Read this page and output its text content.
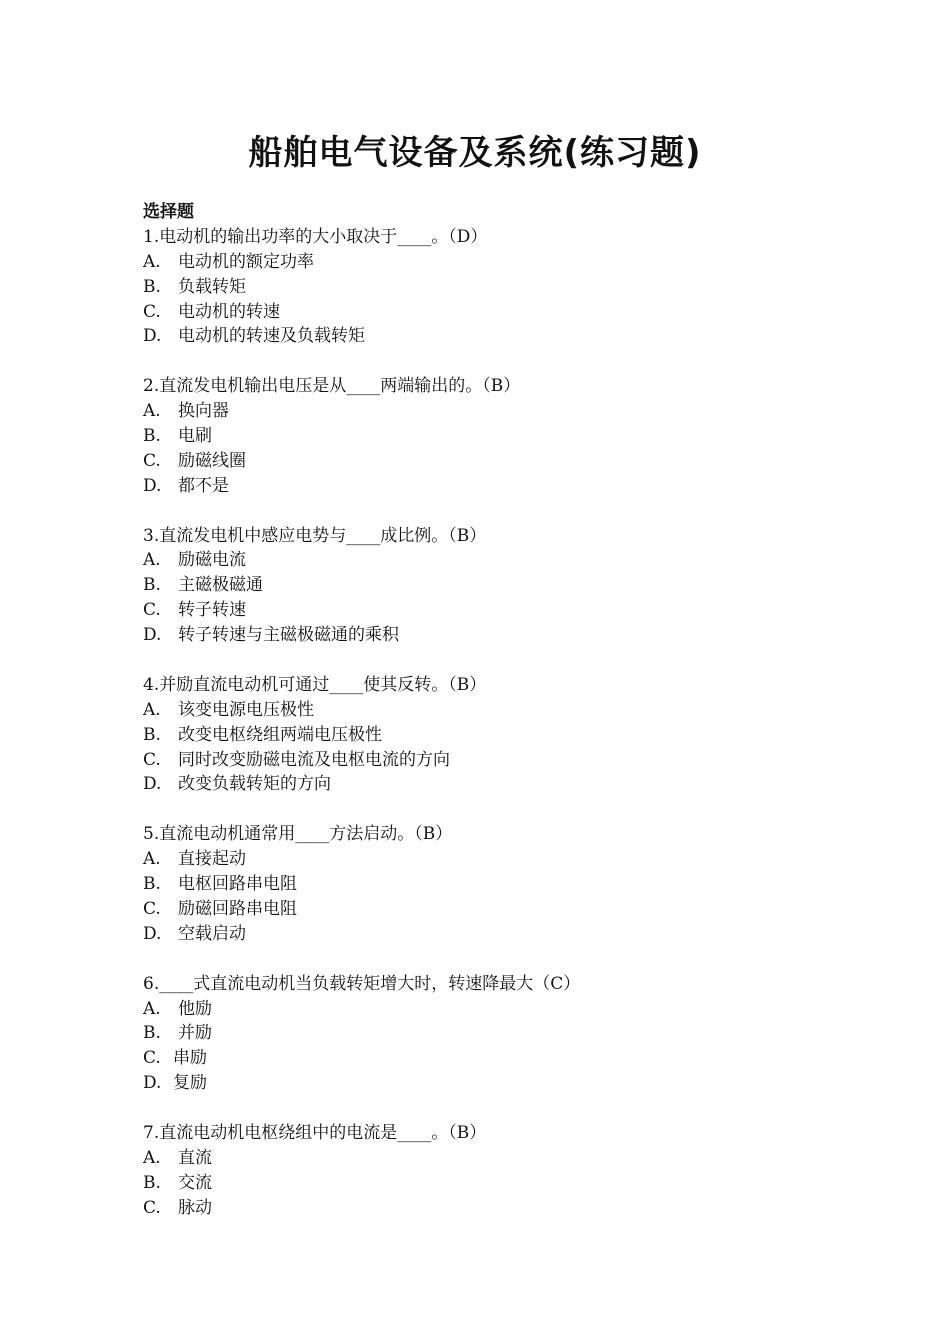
船舶电气设备及系统(练习题)
选择题
1.电动机的输出功率的大小取决于____。（D）
A. 电动机的额定功率
B. 负载转矩
C. 电动机的转速
D. 电动机的转速及负载转矩
2.直流发电机输出电压是从____两端输出的。（B）
A. 换向器
B. 电刷
C. 励磁线圈
D. 都不是
3.直流发电机中感应电势与____成比例。（B）
A. 励磁电流
B. 主磁极磁通
C. 转子转速
D. 转子转速与主磁极磁通的乘积
4.并励直流电动机可通过____使其反转。（B）
A. 该变电源电压极性
B. 改变电枢绕组两端电压极性
C. 同时改变励磁电流及电枢电流的方向
D. 改变负载转矩的方向
5.直流电动机通常用____方法启动。（B）
A. 直接起动
B. 电枢回路串电阻
C. 励磁回路串电阻
D. 空载启动
6.____式直流电动机当负载转矩增大时，转速降最大（C）
A. 他励
B. 并励
C. 串励
D. 复励
7.直流电动机电枢绕组中的电流是____。（B）
A. 直流
B. 交流
C. 脉动
